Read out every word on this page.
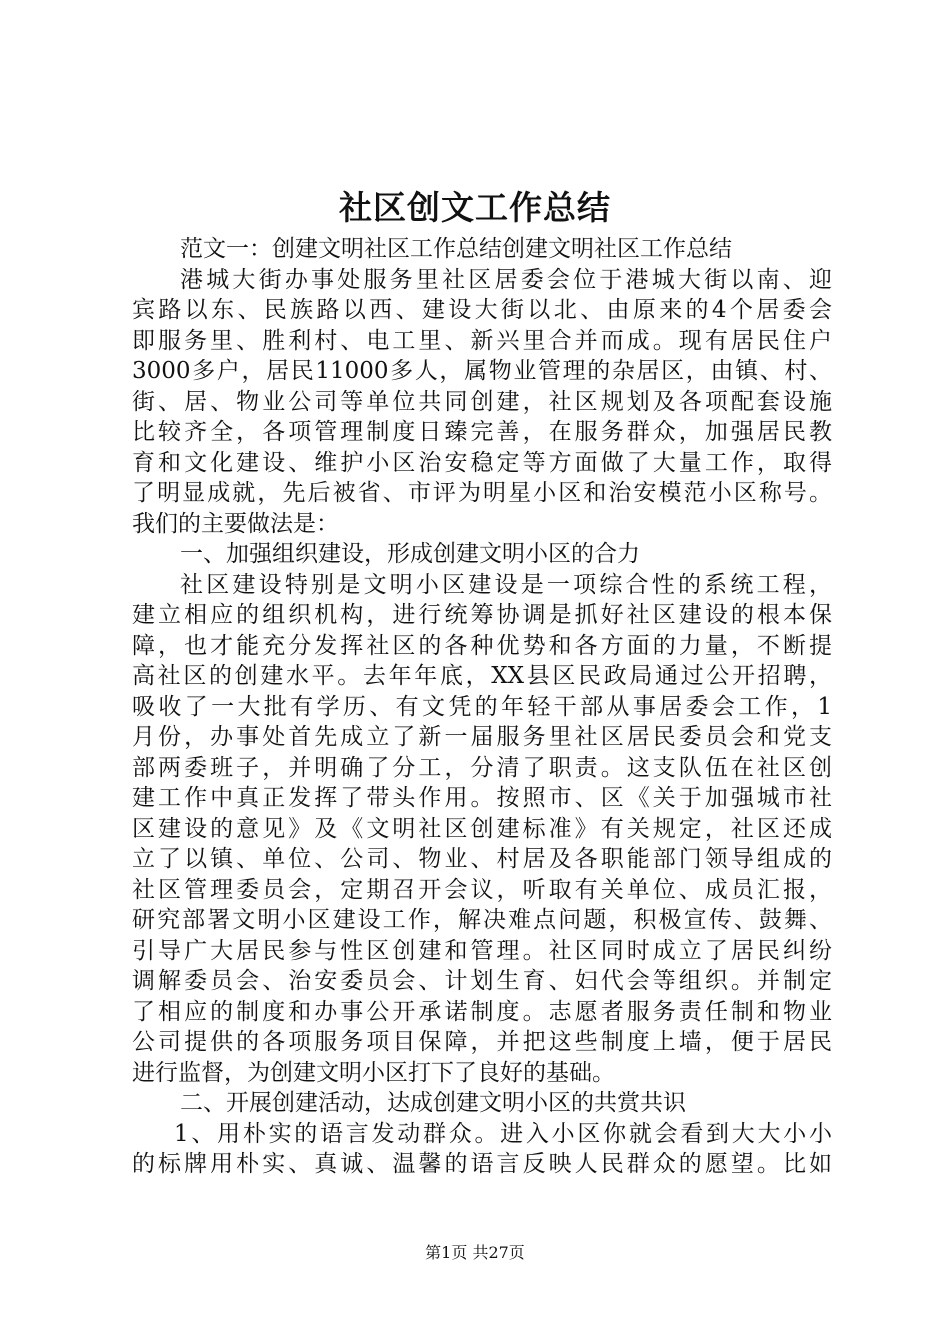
社区创文工作总结
范文一：创建文明社区工作总结创建文明社区工作总结
港城大街办事处服务里社区居委会位于港城大街以南、迎
宾路以东、民族路以西、建设大街以北、由原来的4个居委会
即服务里、胜利村、电工里、新兴里合并而成。现有居民住户
3000多户，居民11000多人，属物业管理的杂居区，由镇、村、
街、居、物业公司等单位共同创建，社区规划及各项配套设施
比较齐全，各项管理制度日臻完善，在服务群众，加强居民教
育和文化建设、维护小区治安稳定等方面做了大量工作，取得
了明显成就，先后被省、市评为明星小区和治安模范小区称号。
我们的主要做法是：
一、加强组织建设，形成创建文明小区的合力
社区建设特别是文明小区建设是一项综合性的系统工程，
建立相应的组织机构，进行统筹协调是抓好社区建设的根本保
障，也才能充分发挥社区的各种优势和各方面的力量，不断提
高社区的创建水平。去年年底，XX县区民政局通过公开招聘，
吸收了一大批有学历、有文凭的年轻干部从事居委会工作，1
月份，办事处首先成立了新一届服务里社区居民委员会和党支
部两委班子，并明确了分工，分清了职责。这支队伍在社区创
建工作中真正发挥了带头作用。按照市、区《关于加强城市社
区建设的意见》及《文明社区创建标准》有关规定，社区还成
立了以镇、单位、公司、物业、村居及各职能部门领导组成的
社区管理委员会，定期召开会议，听取有关单位、成员汇报，
研究部署文明小区建设工作，解决难点问题，积极宣传、鼓舞、
引导广大居民参与性区创建和管理。社区同时成立了居民纠纷
调解委员会、治安委员会、计划生育、妇代会等组织。并制定
了相应的制度和办事公开承诺制度。志愿者服务责任制和物业
公司提供的各项服务项目保障，并把这些制度上墙，便于居民
进行监督，为创建文明小区打下了良好的基础。
二、开展创建活动，达成创建文明小区的共赏共识
1、用朴实的语言发动群众。进入小区你就会看到大大小小
的标牌用朴实、真诚、温馨的语言反映人民群众的愿望。比如
第1页 共27页
